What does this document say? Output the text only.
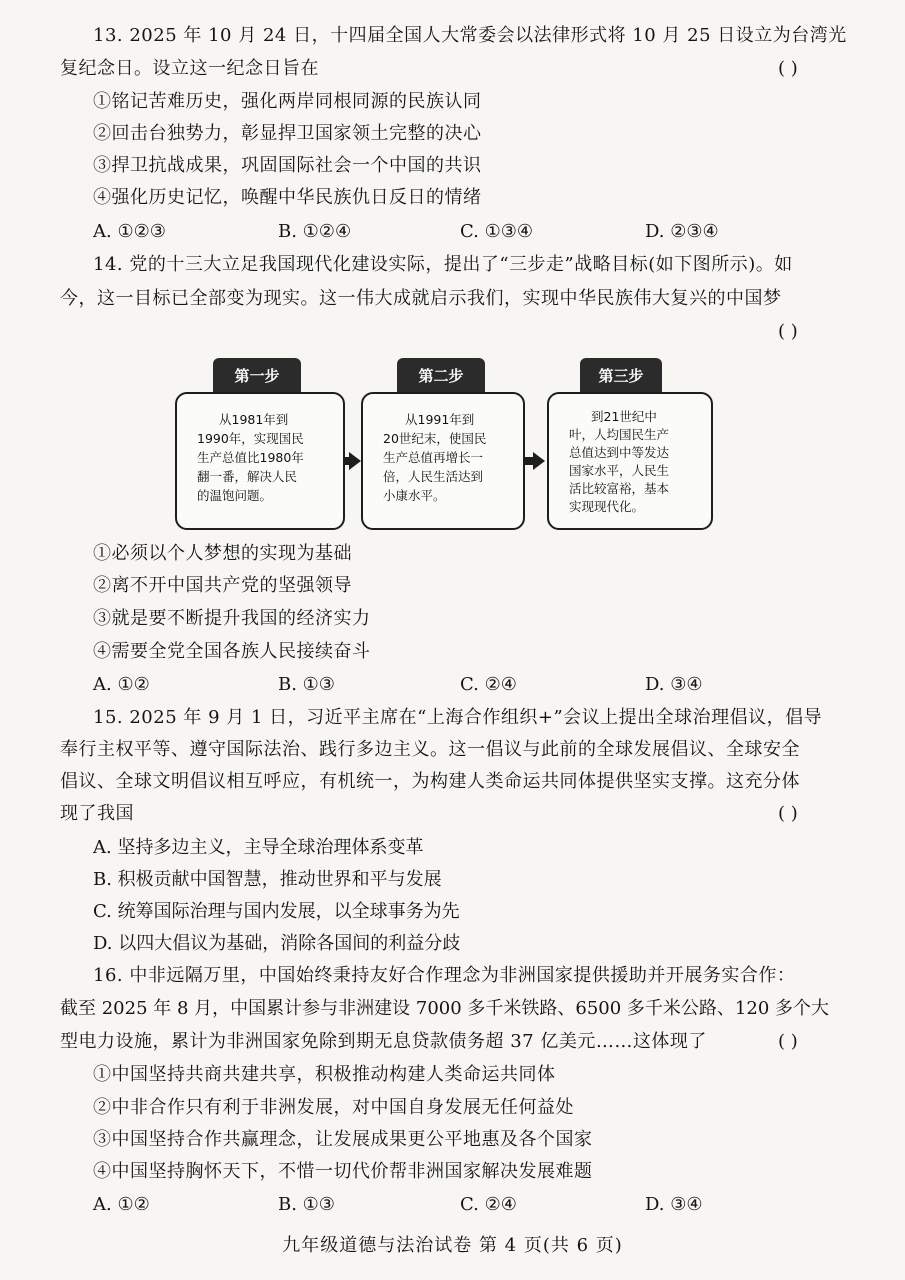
13. 2025 年 10 月 24 日，十四届全国人大常委会以法律形式将 10 月 25 日设立为台湾光
复纪念日。设立这一纪念日旨在	( )
①铭记苦难历史，强化两岸同根同源的民族认同
②回击台独势力，彰显捍卫国家领土完整的决心
③捍卫抗战成果，巩固国际社会一个中国的共识
④强化历史记忆，唤醒中华民族仇日反日的情绪
A. ①②③	B. ①②④	C. ①③④	D. ②③④
14. 党的十三大立足我国现代化建设实际，提出了“三步走”战略目标(如下图所示)。如
今，这一目标已全部变为现实。这一伟大成就启示我们，实现中华民族伟大复兴的中国梦
( )
第一步
从1981年到
1990年，实现国民
生产总值比1980年
翻一番，解决人民
的温饱问题。
第二步
从1991年到
20世纪末，使国民
生产总值再增长一
倍，人民生活达到
小康水平。
第三步
到21世纪中
叶，人均国民生产
总值达到中等发达
国家水平，人民生
活比较富裕，基本
实现现代化。
①必须以个人梦想的实现为基础
②离不开中国共产党的坚强领导
③就是要不断提升我国的经济实力
④需要全党全国各族人民接续奋斗
A. ①②	B. ①③	C. ②④	D. ③④
15. 2025 年 9 月 1 日，习近平主席在“上海合作组织+”会议上提出全球治理倡议，倡导
奉行主权平等、遵守国际法治、践行多边主义。这一倡议与此前的全球发展倡议、全球安全
倡议、全球文明倡议相互呼应，有机统一，为构建人类命运共同体提供坚实支撑。这充分体
现了我国	( )
A. 坚持多边主义，主导全球治理体系变革
B. 积极贡献中国智慧，推动世界和平与发展
C. 统筹国际治理与国内发展，以全球事务为先
D. 以四大倡议为基础，消除各国间的利益分歧
16. 中非远隔万里，中国始终秉持友好合作理念为非洲国家提供援助并开展务实合作：
截至 2025 年 8 月，中国累计参与非洲建设 7000 多千米铁路、6500 多千米公路、120 多个大
型电力设施，累计为非洲国家免除到期无息贷款债务超 37 亿美元……这体现了	( )
①中国坚持共商共建共享，积极推动构建人类命运共同体
②中非合作只有利于非洲发展，对中国自身发展无任何益处
③中国坚持合作共赢理念，让发展成果更公平地惠及各个国家
④中国坚持胸怀天下，不惜一切代价帮非洲国家解决发展难题
A. ①②	B. ①③	C. ②④	D. ③④
九年级道德与法治试卷 第 4 页(共 6 页)
